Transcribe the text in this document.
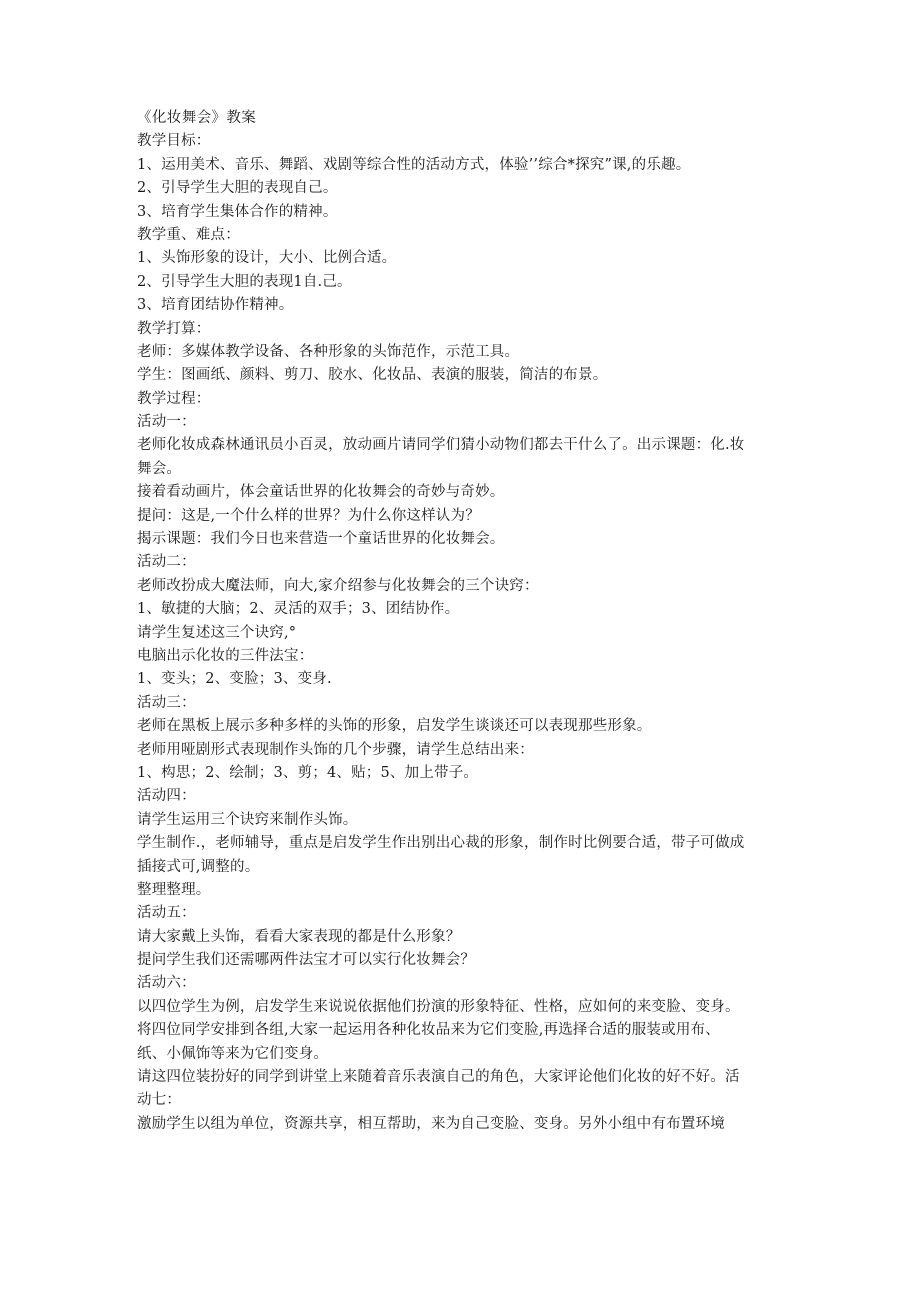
《化妆舞会》教案
教学目标：
1、运用美术、音乐、舞蹈、戏剧等综合性的活动方式，体验’’综合*探究”课,的乐趣。
2、引导学生大胆的表现自己。
3、培育学生集体合作的精神。
教学重、难点：
1、头饰形象的设计，大小、比例合适。
2、引导学生大胆的表现1自.己。
3、培育团结协作精神。
教学打算：
老师：多媒体教学设备、各种形象的头饰范作，示范工具。
学生：图画纸、颜料、剪刀、胶水、化妆品、表演的服装，简洁的布景。
教学过程：
活动一：
老师化妆成森林通讯员小百灵，放动画片请同学们猜小动物们都去干什么了。出示课题：化.妆
舞会。
接着看动画片，体会童话世界的化妆舞会的奇妙与奇妙。
提问：这是,一个什么样的世界？为什么你这样认为？
揭示课题：我们今日也来营造一个童话世界的化妆舞会。
活动二：
老师改扮成大魔法师，向大,家介绍参与化妆舞会的三个诀窍：
1、敏捷的大脑；2、灵活的双手；3、团结协作。
请学生复述这三个诀窍,°
电脑出示化妆的三件法宝：
1、变头；2、变脸；3、变身.
活动三：
老师在黑板上展示多种多样的头饰的形象，启发学生谈谈还可以表现那些形象。
老师用哑剧形式表现制作头饰的几个步骤，请学生总结出来：
1、构思；2、绘制；3、剪；4、贴；5、加上带子。
活动四：
请学生运用三个诀窍来制作头饰。
学生制作.，老师辅导，重点是启发学生作出别出心裁的形象，制作时比例要合适，带子可做成
插接式可,调整的。
整理整理。
活动五：
请大家戴上头饰，看看大家表现的都是什么形象？
提问学生我们还需哪两件法宝才可以实行化妆舞会？
活动六：
以四位学生为例，启发学生来说说依据他们扮演的形象特征、性格，应如何的来变脸、变身。
将四位同学安排到各组,大家一起运用各种化妆品来为它们变脸,再选择合适的服装或用布、
纸、小佩饰等来为它们变身。
请这四位装扮好的同学到讲堂上来随着音乐表演自己的角色，大家评论他们化妆的好不好。活
动七：
激励学生以组为单位，资源共享，相互帮助，来为自己变脸、变身。另外小组中有布置环境
